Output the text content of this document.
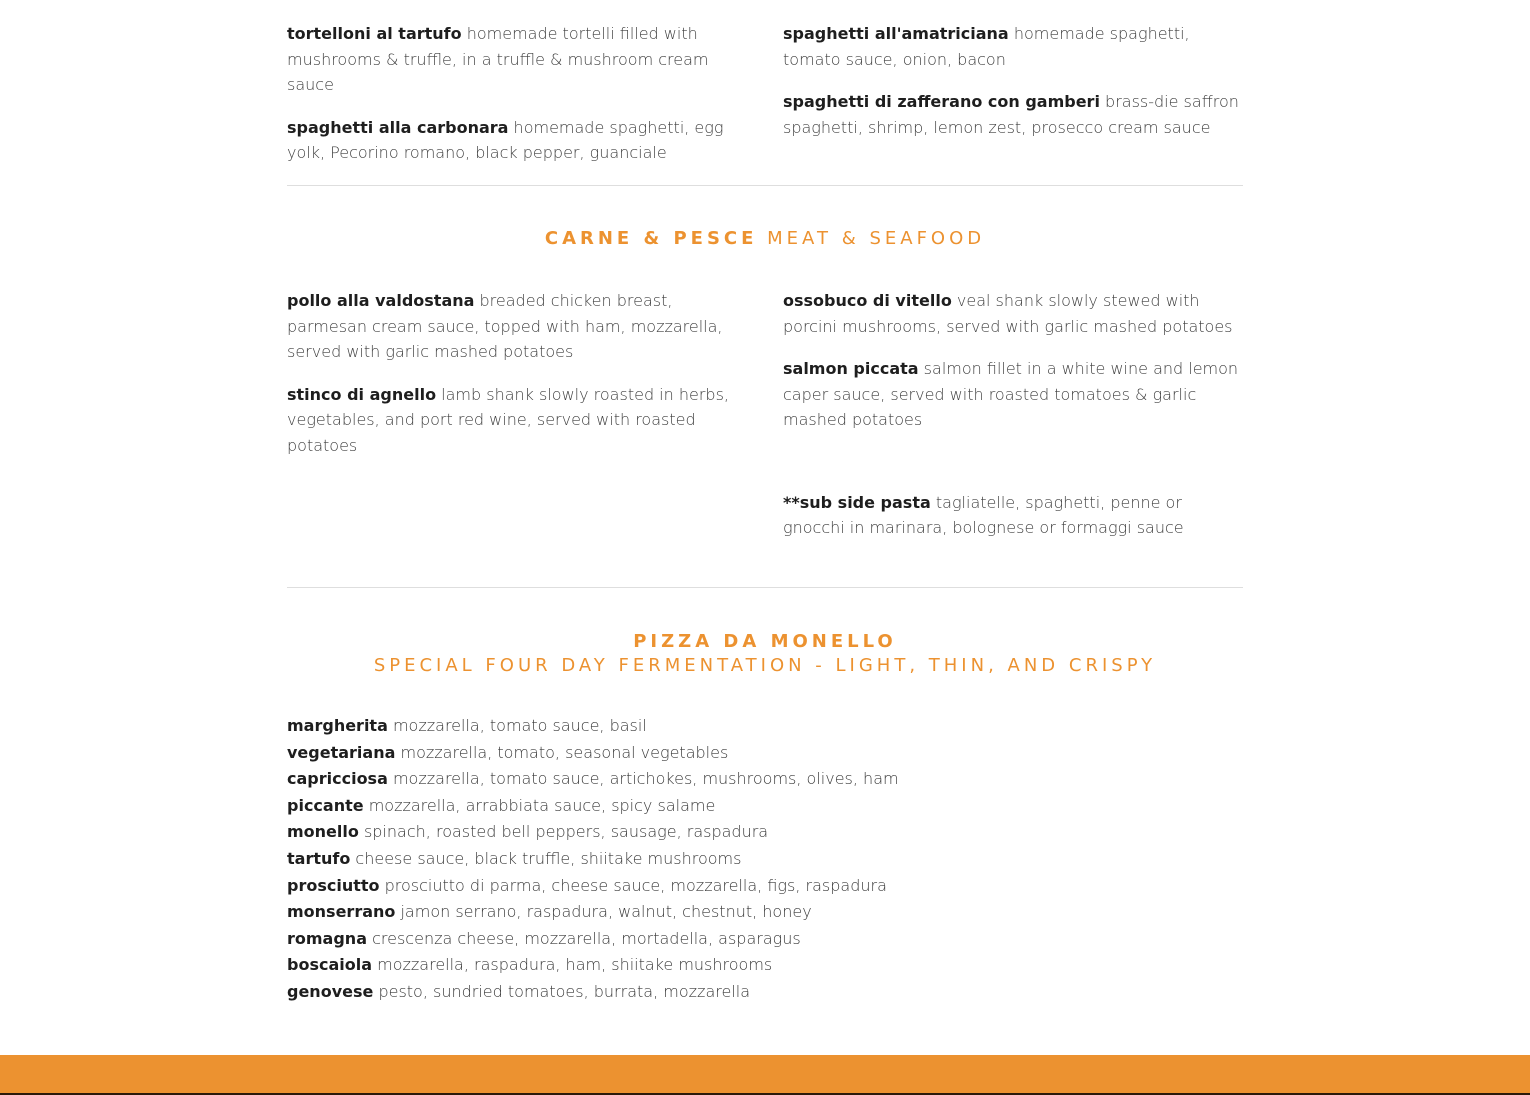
tortelloni al tartufo homemade tortelli filled with mushrooms & truffle, in a truffle & mushroom cream sauce
spaghetti alla carbonara homemade spaghetti, egg yolk, Pecorino romano, black pepper, guanciale
spaghetti all'amatriciana homemade spaghetti, tomato sauce, onion, bacon
spaghetti di zafferano con gamberi brass-die saffron spaghetti, shrimp, lemon zest, prosecco cream sauce
CARNE & PESCE MEAT & SEAFOOD
pollo alla valdostana breaded chicken breast, parmesan cream sauce, topped with ham, mozzarella, served with garlic mashed potatoes
stinco di agnello lamb shank slowly roasted in herbs, vegetables, and port red wine, served with roasted potatoes
ossobuco di vitello veal shank slowly stewed with porcini mushrooms, served with garlic mashed potatoes
salmon piccata salmon fillet in a white wine and lemon caper sauce, served with roasted tomatoes & garlic mashed potatoes
**sub side pasta tagliatelle, spaghetti, penne or gnocchi in marinara, bolognese or formaggi sauce
PIZZA DA MONELLO
SPECIAL FOUR DAY FERMENTATION - LIGHT, THIN, AND CRISPY
margherita mozzarella, tomato sauce, basil
vegetariana mozzarella, tomato, seasonal vegetables
capricciosa mozzarella, tomato sauce, artichokes, mushrooms, olives, ham
piccante mozzarella, arrabbiata sauce, spicy salame
monello spinach, roasted bell peppers, sausage, raspadura
tartufo cheese sauce, black truffle, shiitake mushrooms
prosciutto prosciutto di parma, cheese sauce, mozzarella, figs, raspadura
monserrano jamon serrano, raspadura, walnut, chestnut, honey
romagna crescenza cheese, mozzarella, mortadella, asparagus
boscaiola mozzarella, raspadura, ham, shiitake mushrooms
genovese pesto, sundried tomatoes, burrata, mozzarella
